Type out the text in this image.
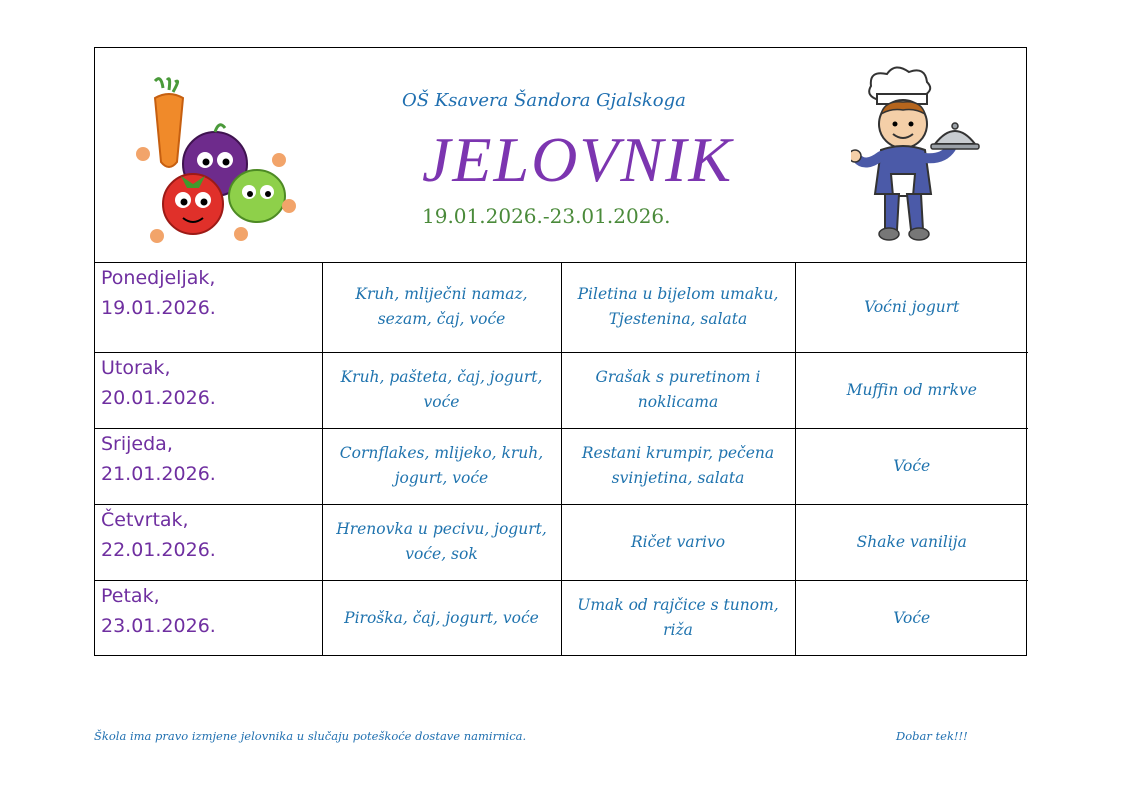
OŠ Ksavera Šandora Gjalskoga
JELOVNIK
19.01.2026.-23.01.2026.
Ponedjeljak,
19.01.2026.	Kruh, mliječni namaz, sezam, čaj, voće	Piletina u bijelom umaku, Tjestenina, salata	Voćni jogurt

Utorak,
20.01.2026.	Kruh, pašteta, čaj, jogurt, voće	Grašak s puretinom i noklicama	Muffin od mrkve

Srijeda,
21.01.2026.	Cornflakes, mlijeko, kruh, jogurt, voće	Restani krumpir, pečena svinjetina, salata	Voće

Četvrtak,
22.01.2026.	Hrenovka u pecivu, jogurt, voće, sok	Ričet varivo	Shake vanilija

Petak,
23.01.2026.	Piroška, čaj, jogurt, voće	Umak od rajčice s tunom, riža	Voće
Škola ima pravo izmjene jelovnika u slučaju poteškoće dostave namirnica.	Dobar tek!!!
